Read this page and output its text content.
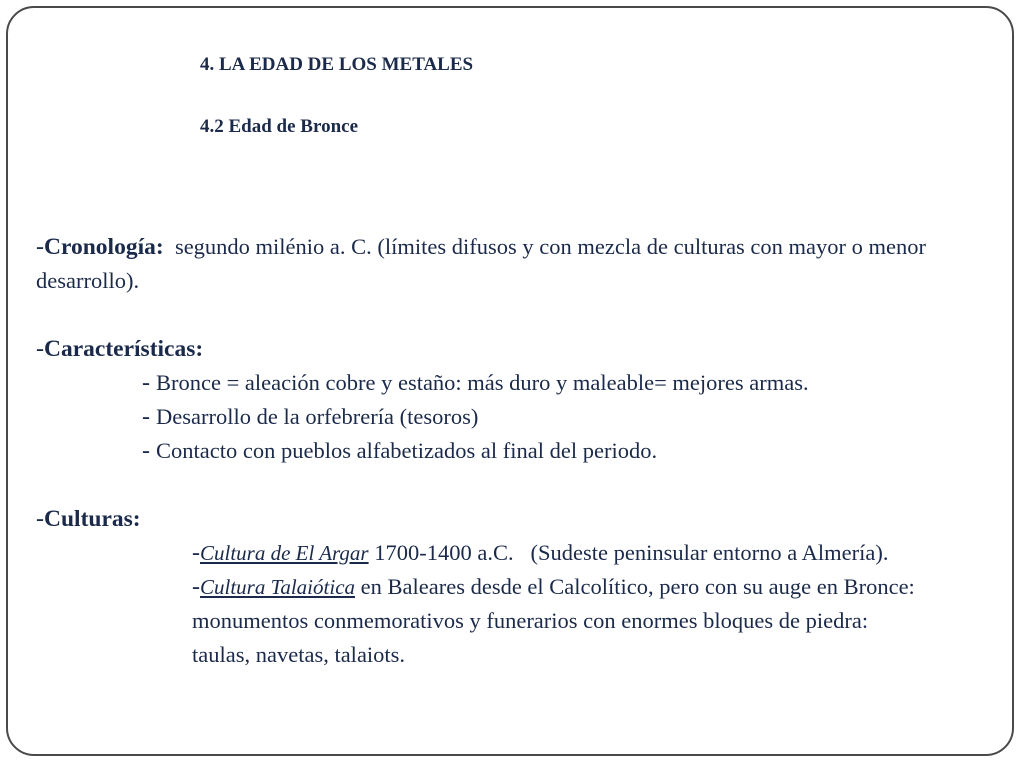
4. LA EDAD DE LOS METALES
4.2 Edad de Bronce

-Cronología: segundo milénio a. C. (límites difusos y con mezcla de culturas con mayor o menor desarrollo).

-Características:

- Bronce = aleación cobre y estaño: más duro y maleable= mejores armas.

- Desarrollo de la orfebrería (tesoros)

- Contacto con pueblos alfabetizados al final del periodo.

-Culturas:

-Cultura de El Argar 1700-1400 a.C.   (Sudeste peninsular entorno a Almería).

-Cultura Talaiótica en Baleares desde el Calcolítico, pero con su auge en Bronce:

monumentos conmemorativos y funerarios con enormes bloques de piedra:

taulas, navetas, talaiots.
